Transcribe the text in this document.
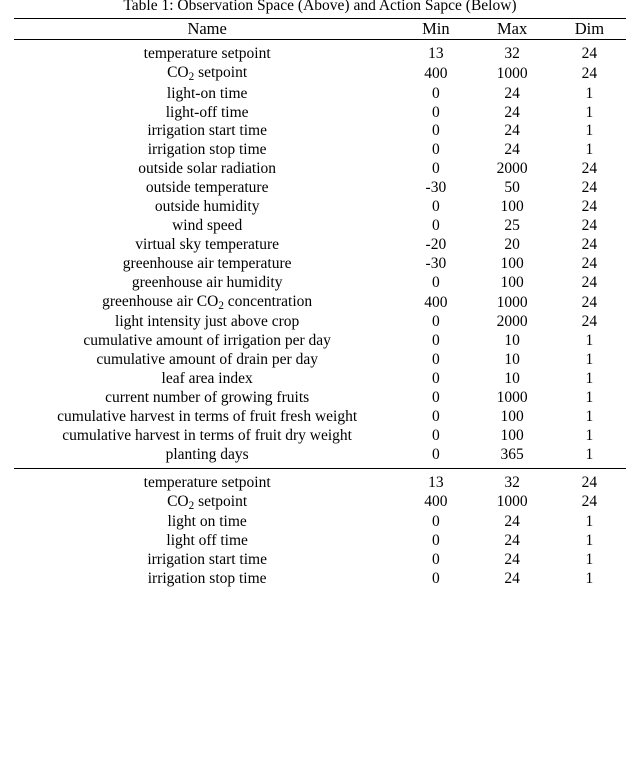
Table 1: Observation Space (Above) and Action Sapce (Below)

Name	Min	Max	Dim

temperature setpoint	13	32	24
$CO_2$ setpoint	400	1000	24
light-on time	0	24	1
light-off time	0	24	1
irrigation start time	0	24	1
irrigation stop time	0	24	1
outside solar radiation	0	2000	24
outside temperature	-30	50	24
outside humidity	0	100	24
wind speed	0	25	24
virtual sky temperature	-20	20	24
greenhouse air temperature	-30	100	24
greenhouse air humidity	0	100	24
greenhouse air $CO_2$ concentration	400	1000	24
light intensity just above crop	0	2000	24
cumulative amount of irrigation per day	0	10	1
cumulative amount of drain per day	0	10	1
leaf area index	0	10	1
current number of growing fruits	0	1000	1
cumulative harvest in terms of fruit fresh weight	0	100	1
cumulative harvest in terms of fruit dry weight	0	100	1
planting days	0	365	1

temperature setpoint	13	32	24
$CO_2$ setpoint	400	1000	24
light on time	0	24	1
light off time	0	24	1
irrigation start time	0	24	1
irrigation stop time	0	24	1
